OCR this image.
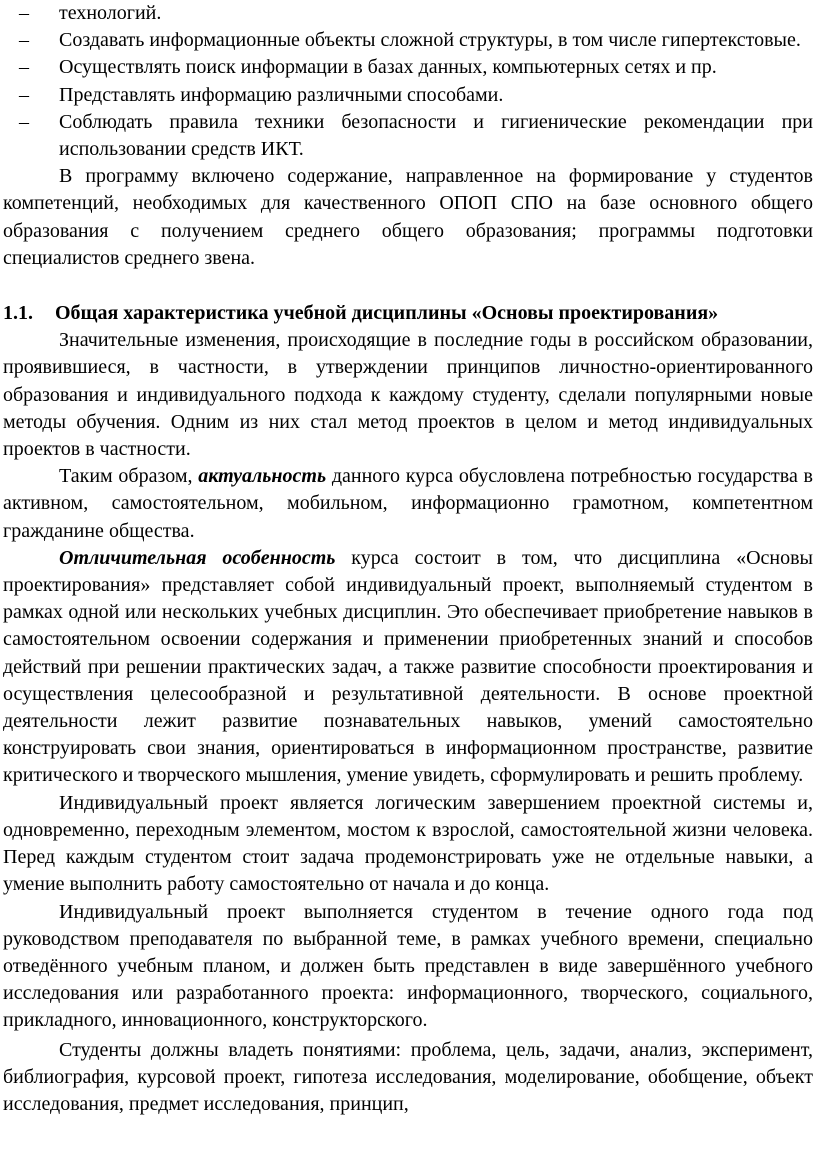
– технологий.
– Создавать информационные объекты сложной структуры, в том числе гипертекстовые.
– Осуществлять поиск информации в базах данных, компьютерных сетях и пр.
– Представлять информацию различными способами.
– Соблюдать правила техники безопасности и гигиенические рекомендации при использовании средств ИКТ.

В программу включено содержание, направленное на формирование у студентов компетенций, необходимых для качественного ОПОП СПО на базе основного общего образования с получением среднего общего образования; программы подготовки специалистов среднего звена.

1.1. Общая характеристика учебной дисциплины «Основы проектирования»

Значительные изменения, происходящие в последние годы в российском образовании, проявившиеся, в частности, в утверждении принципов личностно-ориентированного образования и индивидуального подхода к каждому студенту, сделали популярными новые методы обучения. Одним из них стал метод проектов в целом и метод индивидуальных проектов в частности.

Таким образом, актуальность данного курса обусловлена потребностью государства в активном, самостоятельном, мобильном, информационно грамотном, компетентном гражданине общества.

Отличительная особенность курса состоит в том, что дисциплина «Основы проектирования» представляет собой индивидуальный проект, выполняемый студентом в рамках одной или нескольких учебных дисциплин. Это обеспечивает приобретение навыков в самостоятельном освоении содержания и применении приобретенных знаний и способов действий при решении практических задач, а также развитие способности проектирования и осуществления целесообразной и результативной деятельности. В основе проектной деятельности лежит развитие познавательных навыков, умений самостоятельно конструировать свои знания, ориентироваться в информационном пространстве, развитие критического и творческого мышления, умение увидеть, сформулировать и решить проблему.

Индивидуальный проект является логическим завершением проектной системы и, одновременно, переходным элементом, мостом к взрослой, самостоятельной жизни человека. Перед каждым студентом стоит задача продемонстрировать уже не отдельные навыки, а умение выполнить работу самостоятельно от начала и до конца.

Индивидуальный проект выполняется студентом в течение одного года под руководством преподавателя по выбранной теме, в рамках учебного времени, специально отведённого учебным планом, и должен быть представлен в виде завершённого учебного исследования или разработанного проекта: информационного, творческого, социального, прикладного, инновационного, конструкторского.

Студенты должны владеть понятиями: проблема, цель, задачи, анализ, эксперимент, библиография, курсовой проект, гипотеза исследования, моделирование, обобщение, объект исследования, предмет исследования, принцип,
